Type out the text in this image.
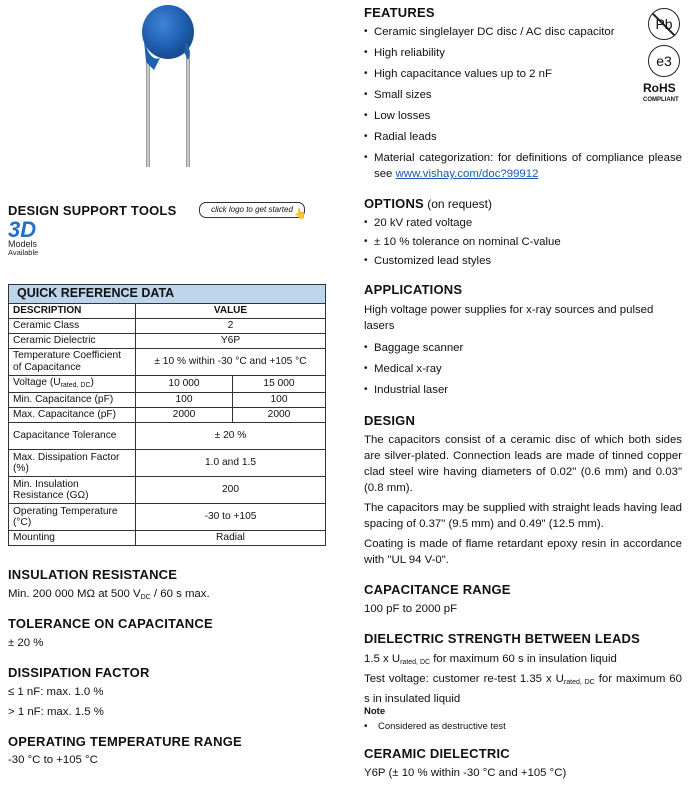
DESIGN SUPPORT TOOLS	click logo to get started 👆
3D
Models
Available
QUICK REFERENCE DATA		
DESCRIPTION	VALUE	
Ceramic Class	2	
Ceramic Dielectric	Y6P	
Temperature Coefficient of Capacitance	± 10 % within -30 °C and +105 °C	
Voltage $(U_{rated, DC})$	10 000	15 000
Min. Capacitance (pF)	100	100
Max. Capacitance (pF)	2000	2000
Capacitance Tolerance	± 20 %	
Max. Dissipation Factor (%)	1.0 and 1.5	
Min. Insulation Resistance (GΩ)	200	
Operating Temperature (°C)	-30 to +105	
Mounting	Radial	
INSULATION RESISTANCE
Min. 200 000 MΩ at 500 $V_{DC} / 60$ s max.
TOLERANCE ON CAPACITANCE
± 20 %
DISSIPATION FACTOR
≤ 1 nF: max. 1.0 %
> 1 nF: max. 1.5 %
OPERATING TEMPERATURE RANGE
-30 °C to +105 °C
FEATURES
• Ceramic singlelayer DC disc / AC disc capacitor
• High reliability
• High capacitance values up to 2 nF
• Small sizes
• Low losses
• Radial leads
• Material categorization: for definitions of compliance please see www.vishay.com/doc?99912
Pb
e3
RoHS
COMPLIANT
OPTIONS (on request)
• 20 kV rated voltage
• ± 10 % tolerance on nominal C-value
• Customized lead styles
APPLICATIONS
High voltage power supplies for x-ray sources and pulsed lasers
• Baggage scanner
• Medical x-ray
• Industrial laser
DESIGN
The capacitors consist of a ceramic disc of which both sides are silver-plated. Connection leads are made of tinned copper clad steel wire having diameters of 0.02" (0.6 mm) and 0.03" (0.8 mm).
The capacitors may be supplied with straight leads having lead spacing of 0.37" (9.5 mm) and 0.49" (12.5 mm).
Coating is made of flame retardant epoxy resin in accordance with "UL 94 V-0".
CAPACITANCE RANGE
100 pF to 2000 pF
DIELECTRIC STRENGTH BETWEEN LEADS
1.5 x $U_{rated, DC}$ for maximum 60 s in insulation liquid
Test voltage: customer re-test 1.35 x $U_{rated, DC}$ for maximum 60 s in insulated liquid
Note
•	Considered as destructive test
CERAMIC DIELECTRIC
Y6P (± 10 % within -30 °C and +105 °C)
